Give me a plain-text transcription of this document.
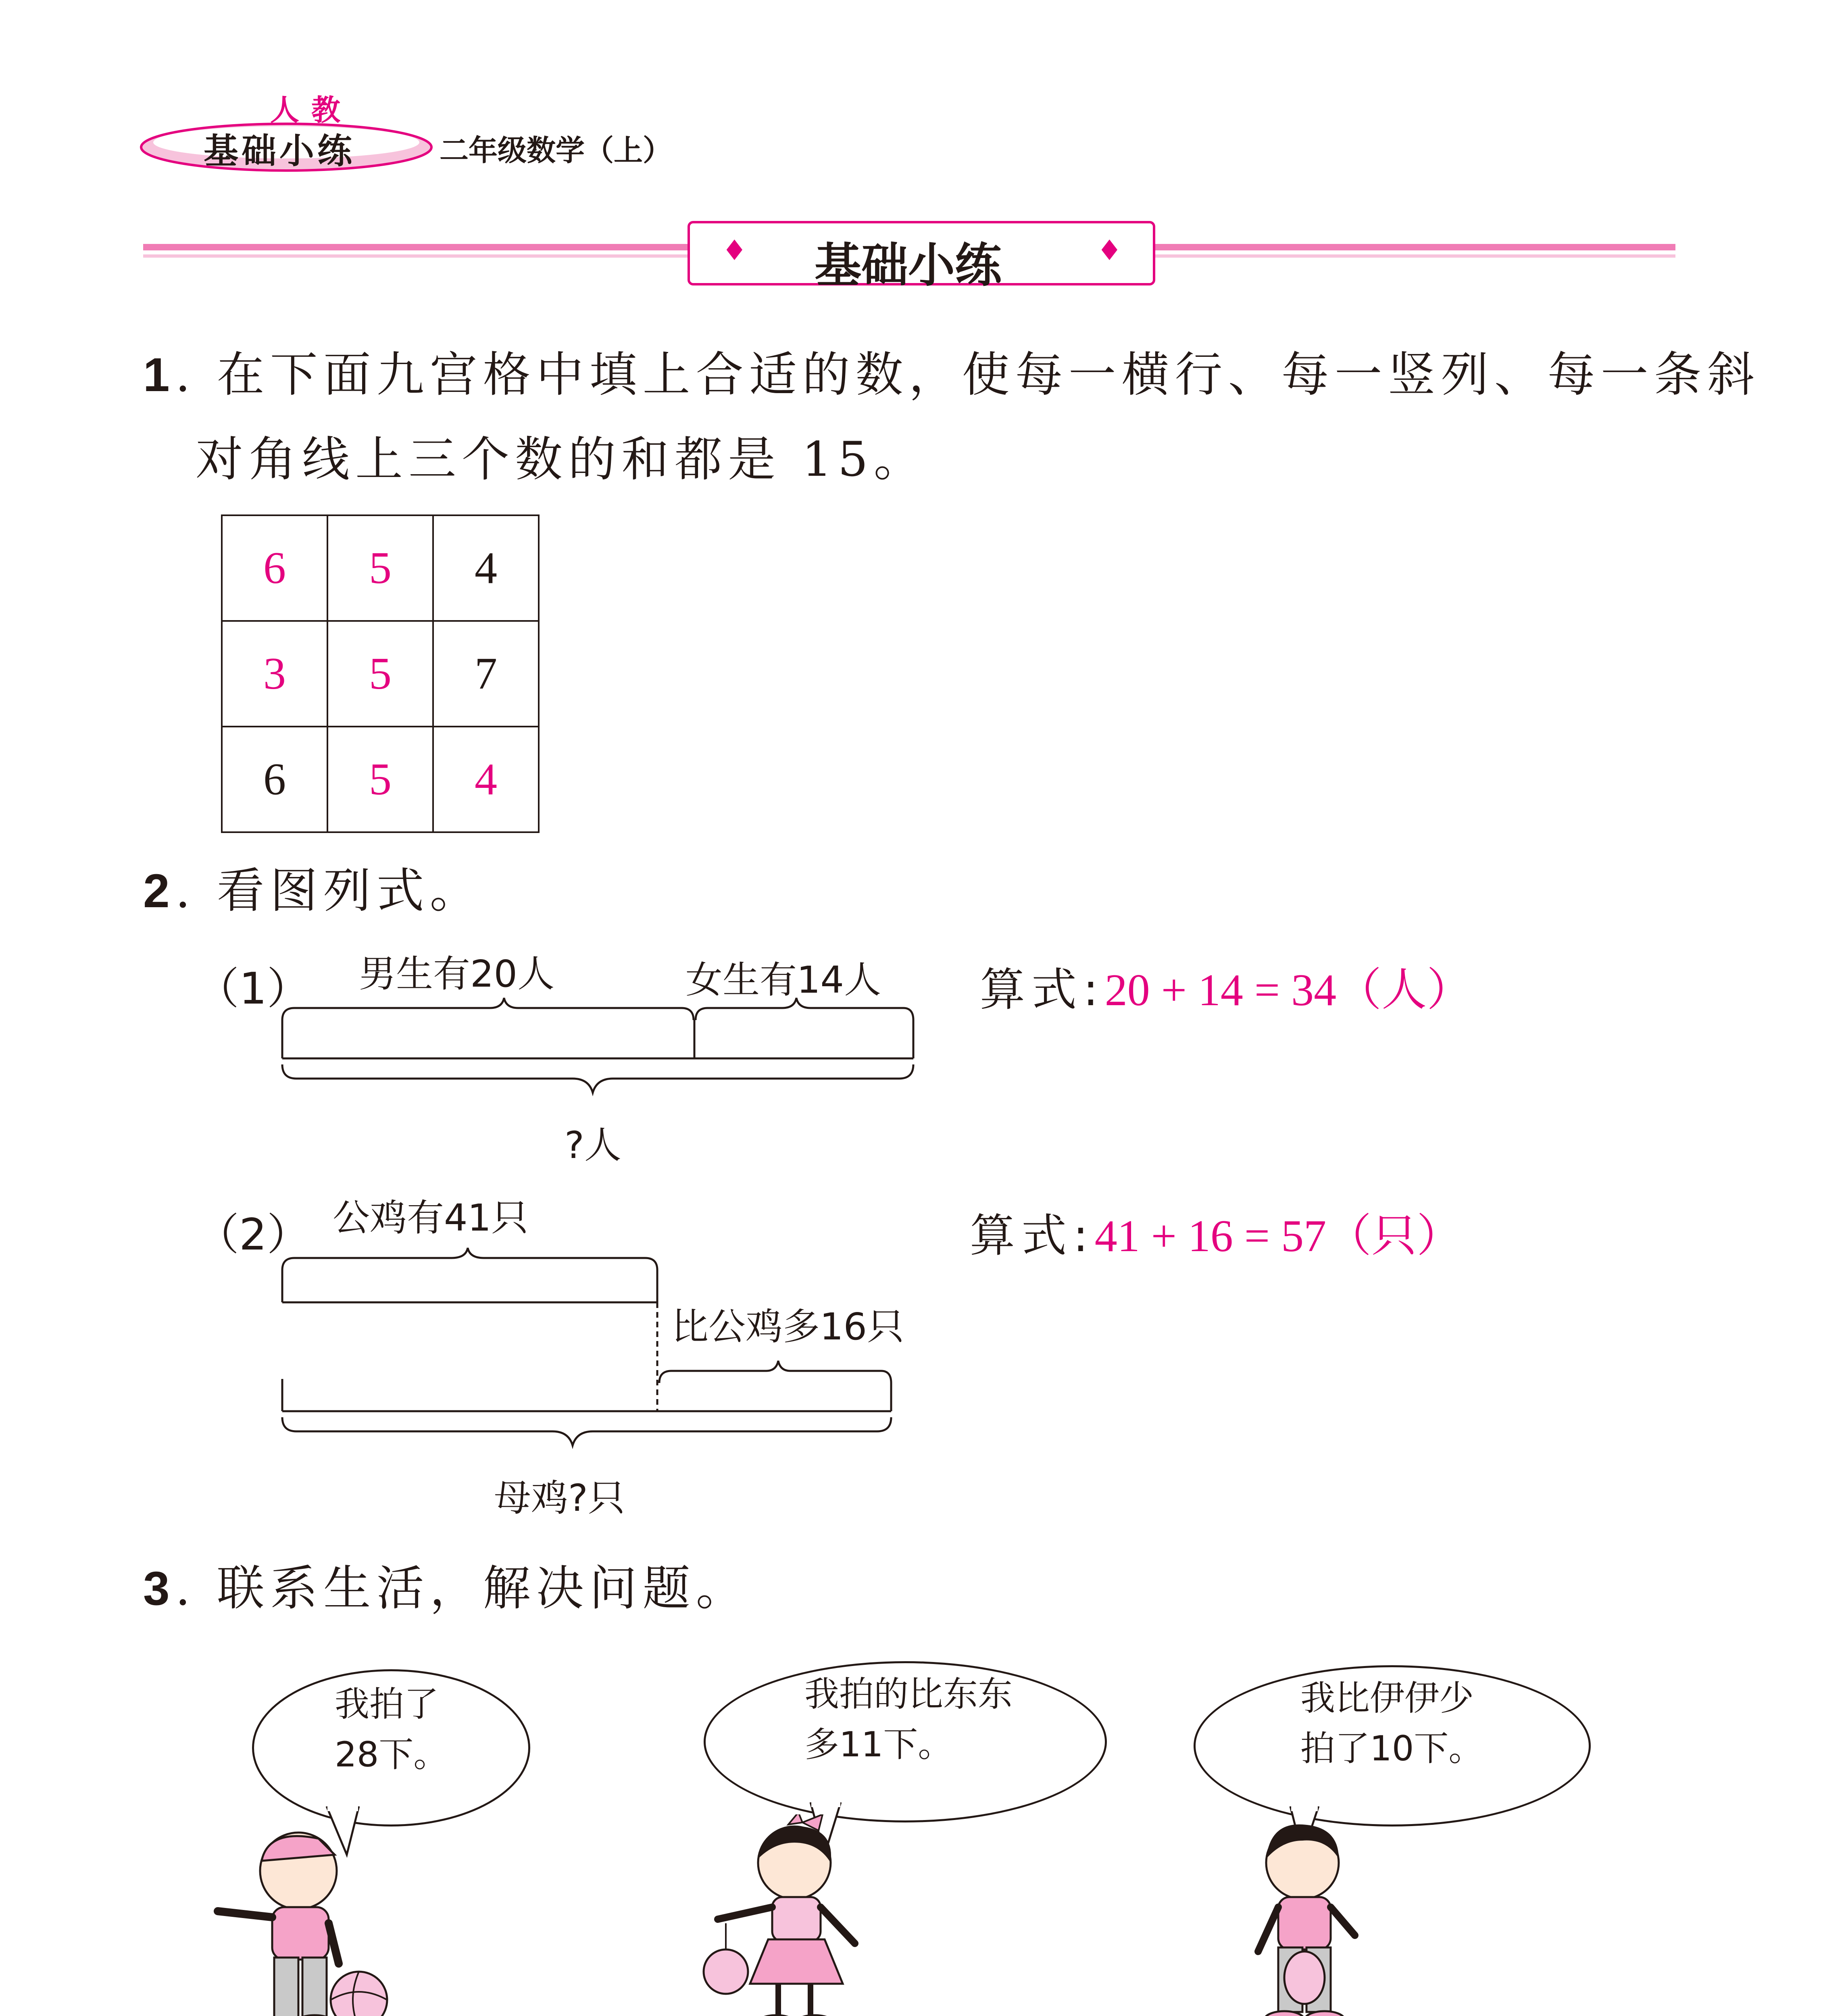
人教
基础小练	二年级数学（上）
♦	♦
基础小练
1. 在下面九宫格中填上合适的数，使每一横行、每一竖列、每一条斜
对角线上三个数的和都是 15。
6	5	4
3	5	7
6	5	4
2. 看图列式。
（1） 男生有20人	女生有14人
?人
算式:20 + 14 = 34（人）
（2） 公鸡有41只
比公鸡多16只
母鸡?只
算式:41 + 16 = 57（只）
3. 联系生活，解决问题。
我拍了
28下。
我拍的比东东
多11下。
我比伊伊少
拍了10下。
